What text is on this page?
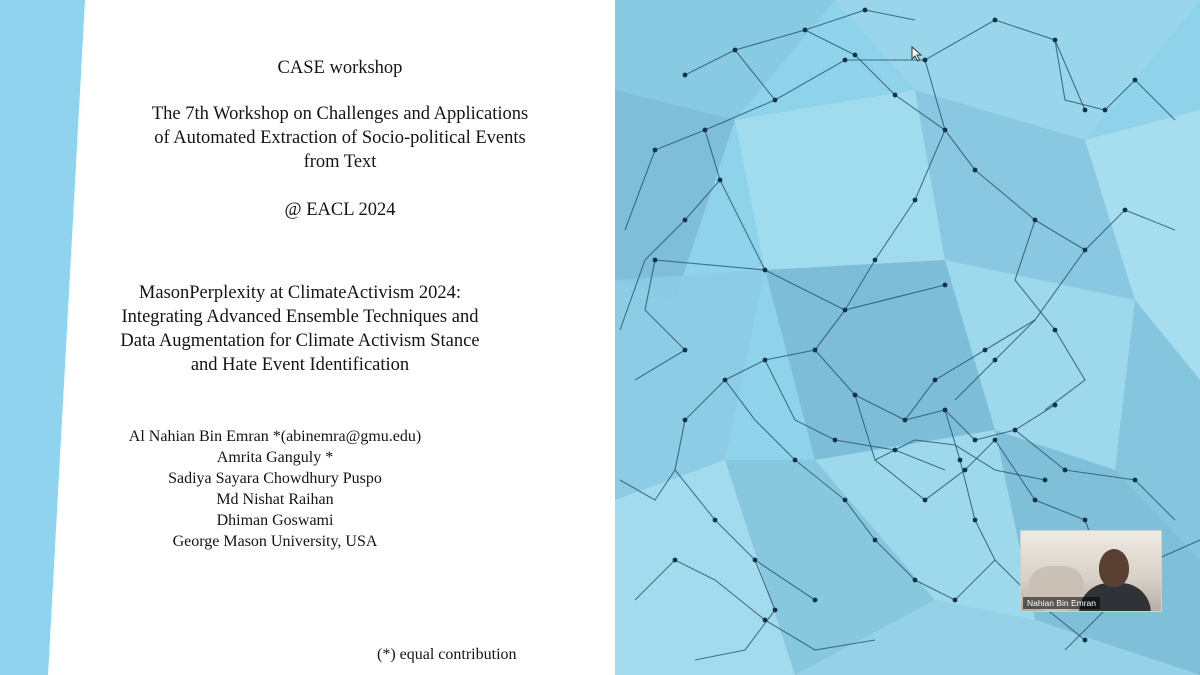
CASE workshop
The 7th Workshop on Challenges and Applications
of Automated Extraction of Socio-political Events
from Text
@ EACL 2024
MasonPerplexity at ClimateActivism 2024:
Integrating Advanced Ensemble Techniques and
Data Augmentation for Climate Activism Stance
and Hate Event Identification
Al Nahian Bin Emran *(abinemra@gmu.edu)
Amrita Ganguly *
Sadiya Sayara Chowdhury Puspo
Md Nishat Raihan
Dhiman Goswami
George Mason University, USA
(*) equal contribution
Nahian Bin Emran
